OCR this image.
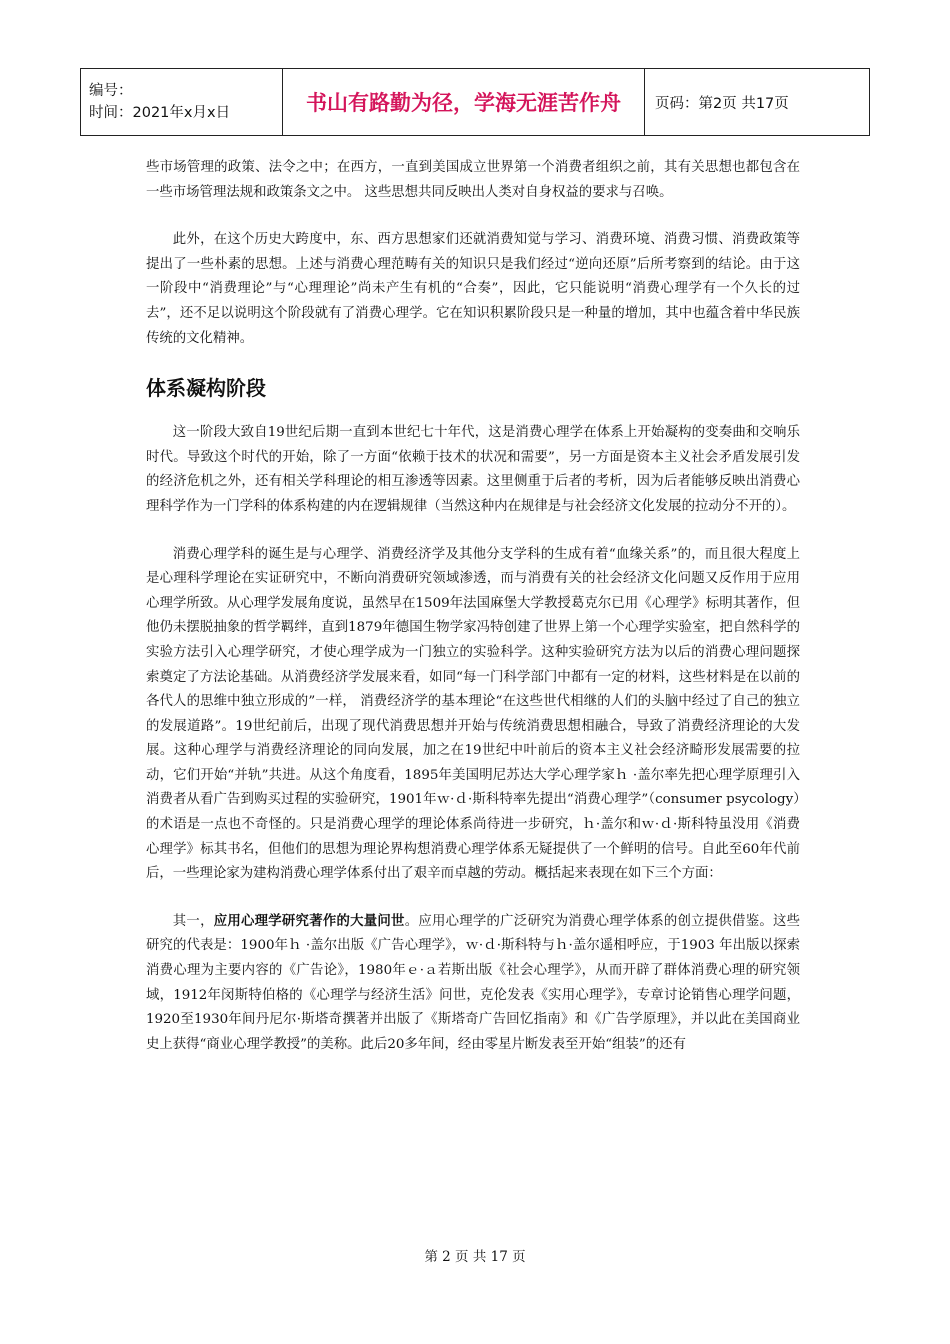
编号：
时间：2021年x月x日	书山有路勤为径，学海无涯苦作舟 页码：第2页 共17页

些市场管理的政策、法令之中；在西方，一直到美国成立世界第一个消费者组织之前，其有关思想也都包含在一些市场管理法规和政策条文之中。 这些思想共同反映出人类对自身权益的要求与召唤。

此外，在这个历史大跨度中，东、西方思想家们还就消费知觉与学习、消费环境、消费习惯、消费政策等提出了一些朴素的思想。上述与消费心理范畴有关的知识只是我们经过“逆向还原”后所考察到的结论。由于这一阶段中“消费理论”与“心理理论”尚未产生有机的“合奏”，因此，它只能说明“消费心理学有一个久长的过去”，还不足以说明这个阶段就有了消费心理学。它在知识积累阶段只是一种量的增加，其中也蕴含着中华民族传统的文化精神。

体系凝构阶段

这一阶段大致自19世纪后期一直到本世纪七十年代，这是消费心理学在体系上开始凝构的变奏曲和交响乐时代。导致这个时代的开始，除了一方面“依赖于技术的状况和需要”，另一方面是资本主义社会矛盾发展引发的经济危机之外，还有相关学科理论的相互渗透等因素。这里侧重于后者的考析，因为后者能够反映出消费心理科学作为一门学科的体系构建的内在逻辑规律（当然这种内在规律是与社会经济文化发展的拉动分不开的）。

消费心理学科的诞生是与心理学、消费经济学及其他分支学科的生成有着“血缘关系”的，而且很大程度上是心理科学理论在实证研究中，不断向消费研究领域渗透，而与消费有关的社会经济文化问题又反作用于应用心理学所致。从心理学发展角度说，虽然早在1509年法国麻堡大学教授葛克尔已用《心理学》标明其著作，但他仍未摆脱抽象的哲学羁绊，直到1879年德国生物学家冯特创建了世界上第一个心理学实验室，把自然科学的实验方法引入心理学研究，才使心理学成为一门独立的实验科学。这种实验研究方法为以后的消费心理问题探索奠定了方法论基础。从消费经济学发展来看，如同“每一门科学部门中都有一定的材料，这些材料是在以前的各代人的思维中独立形成的”一样， 消费经济学的基本理论“在这些世代相继的人们的头脑中经过了自己的独立的发展道路”。19世纪前后，出现了现代消费思想并开始与传统消费思想相融合，导致了消费经济理论的大发展。这种心理学与消费经济理论的同向发展，加之在19世纪中叶前后的资本主义社会经济畸形发展需要的拉动，它们开始“并轨”共进。从这个角度看，1895年美国明尼苏达大学心理学家ｈ ·盖尔率先把心理学原理引入消费者从看广告到购买过程的实验研究，1901年ｗ·ｄ·斯科特率先提出“消费心理学”（consumer psycology）的术语是一点也不奇怪的。只是消费心理学的理论体系尚待进一步研究，ｈ·盖尔和ｗ·ｄ·斯科特虽没用《消费心理学》标其书名，但他们的思想为理论界构想消费心理学体系无疑提供了一个鲜明的信号。自此至60年代前后，一些理论家为建构消费心理学体系付出了艰辛而卓越的劳动。概括起来表现在如下三个方面：

其一，应用心理学研究著作的大量问世。应用心理学的广泛研究为消费心理学体系的创立提供借鉴。这些研究的代表是：1900年ｈ ·盖尔出版《广告心理学》，ｗ·ｄ·斯科特与ｈ·盖尔遥相呼应，于1903 年出版以探索消费心理为主要内容的《广告论》，1980年ｅ·ａ若斯出版《社会心理学》，从而开辟了群体消费心理的研究领域，1912年闵斯特伯格的《心理学与经济生活》问世，克伦发表《实用心理学》，专章讨论销售心理学问题，1920至1930年间丹尼尔·斯塔奇撰著并出版了《斯塔奇广告回忆指南》和《广告学原理》，并以此在美国商业史上获得“商业心理学教授”的美称。此后20多年间，经由零星片断发表至开始“组装”的还有

第 2 页 共 17 页
